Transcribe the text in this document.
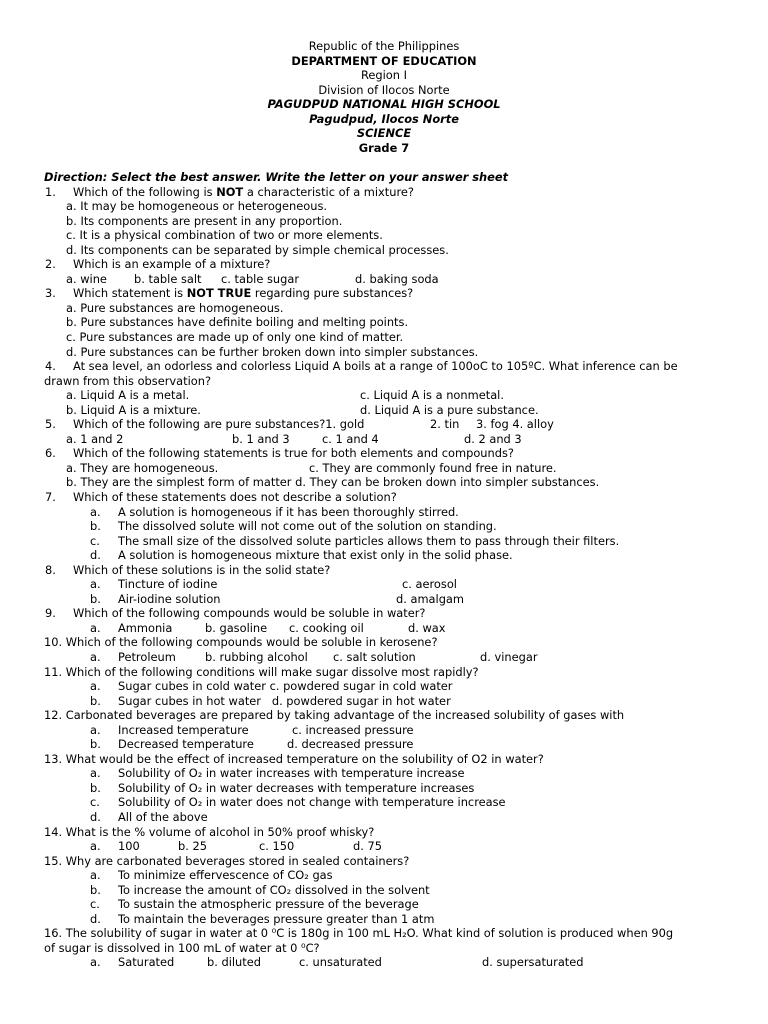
Republic of the Philippines
DEPARTMENT OF EDUCATION
Region I
Division of Ilocos Norte
PAGUDPUD NATIONAL HIGH SCHOOL
Pagudpud, Ilocos Norte
SCIENCE
Grade 7
Direction: Select the best answer. Write the letter on your answer sheet
1. Which of the following is NOT a characteristic of a mixture?
a. It may be homogeneous or heterogeneous.
b. Its components are present in any proportion.
c. It is a physical combination of two or more elements.
d. Its components can be separated by simple chemical processes.
2. Which is an example of a mixture?
a. wine b. table salt c. table sugar	d. baking soda
3. Which statement is NOT TRUE regarding pure substances?
a. Pure substances are homogeneous.
b. Pure substances have definite boiling and melting points.
c. Pure substances are made up of only one kind of matter.
d. Pure substances can be further broken down into simpler substances.
4. At sea level, an odorless and colorless Liquid A boils at a range of 100oC to 105ºC. What inference can be
drawn from this observation?
a. Liquid A is a metal.	c. Liquid A is a nonmetal.
b. Liquid A is a mixture.	d. Liquid A is a pure substance.
5. Which of the following are pure substances?1. gold	2. tin 3. fog 4. alloy
a. 1 and 2	b. 1 and 3	c. 1 and 4	d. 2 and 3
6. Which of the following statements is true for both elements and compounds?
a. They are homogeneous.	c. They are commonly found free in nature.
b. They are the simplest form of matter d. They can be broken down into simpler substances.
7. Which of these statements does not describe a solution?
a. A solution is homogeneous if it has been thoroughly stirred.
b. The dissolved solute will not come out of the solution on standing.
c. The small size of the dissolved solute particles allows them to pass through their filters.
d. A solution is homogeneous mixture that exist only in the solid phase.
8. Which of these solutions is in the solid state?
a. Tincture of iodine	c. aerosol
b. Air-iodine solution	d. amalgam
9. Which of the following compounds would be soluble in water?
a. Ammonia	b. gasoline c. cooking oil	d. wax
10. Which of the following compounds would be soluble in kerosene?
a. Petroleum	b. rubbing alcohol c. salt solution	d. vinegar
11. Which of the following conditions will make sugar dissolve most rapidly?
a. Sugar cubes in cold water c. powdered sugar in cold water
b. Sugar cubes in hot water   d. powdered sugar in hot water
12. Carbonated beverages are prepared by taking advantage of the increased solubility of gases with
a. Increased temperature	c. increased pressure
b. Decreased temperature	d. decreased pressure
13. What would be the effect of increased temperature on the solubility of O2 in water?
a. Solubility of O₂ in water increases with temperature increase
b. Solubility of O₂ in water decreases with temperature increases
c. Solubility of O₂ in water does not change with temperature increase
d. All of the above
14. What is the % volume of alcohol in 50% proof whisky?
a. 100	b. 25	c. 150	d. 75
15. Why are carbonated beverages stored in sealed containers?
a. To minimize effervescence of CO₂ gas
b. To increase the amount of CO₂ dissolved in the solvent
c. To sustain the atmospheric pressure of the beverage
d. To maintain the beverages pressure greater than 1 atm
16. The solubility of sugar in water at 0 ⁰C is 180g in 100 mL H₂O. What kind of solution is produced when 90g
of sugar is dissolved in 100 mL of water at 0 ⁰C?
a. Saturated	b. diluted	c. unsaturated	d. supersaturated
